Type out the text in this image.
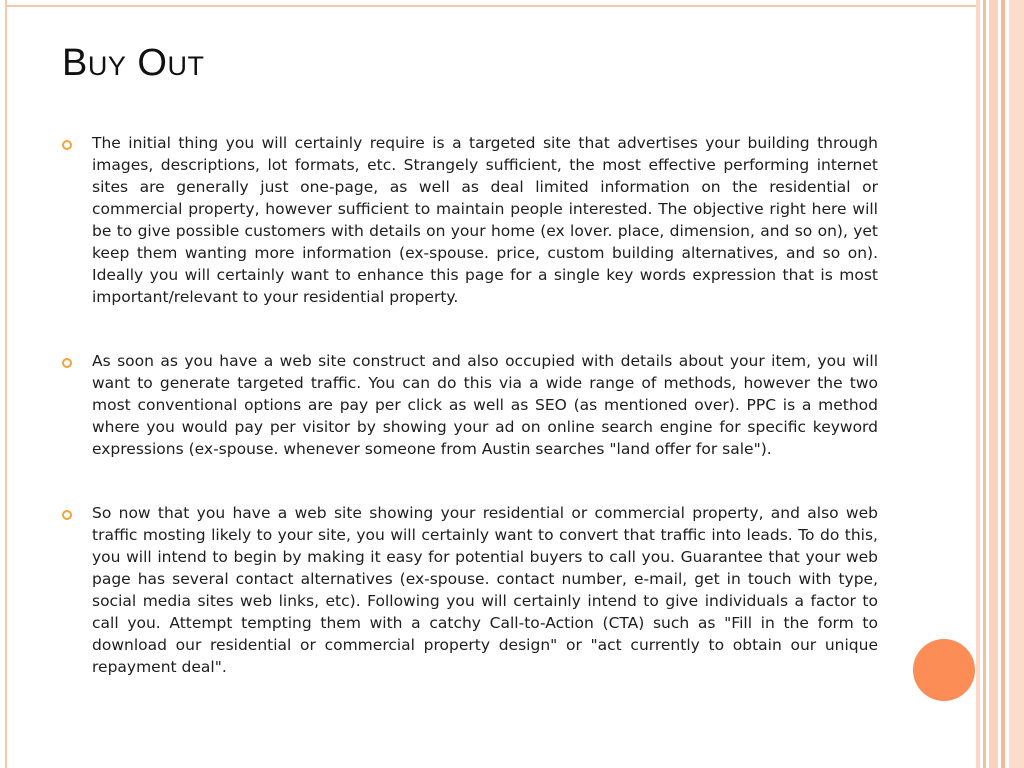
Buy Out

The initial thing you will certainly require is a targeted site that advertises your building through images, descriptions, lot formats, etc. Strangely sufficient, the most effective performing internet sites are generally just one-page, as well as deal limited information on the residential or commercial property, however sufficient to maintain people interested. The objective right here will be to give possible customers with details on your home (ex lover. place, dimension, and so on), yet keep them wanting more information (ex-spouse. price, custom building alternatives, and so on). Ideally you will certainly want to enhance this page for a single key words expression that is most important/relevant to your residential property.

As soon as you have a web site construct and also occupied with details about your item, you will want to generate targeted traffic. You can do this via a wide range of methods, however the two most conventional options are pay per click as well as SEO (as mentioned over). PPC is a method where you would pay per visitor by showing your ad on online search engine for specific keyword expressions (ex-spouse. whenever someone from Austin searches "land offer for sale").

So now that you have a web site showing your residential or commercial property, and also web traffic mosting likely to your site, you will certainly want to convert that traffic into leads. To do this, you will intend to begin by making it easy for potential buyers to call you. Guarantee that your web page has several contact alternatives (ex-spouse. contact number, e-mail, get in touch with type, social media sites web links, etc). Following you will certainly intend to give individuals a factor to call you. Attempt tempting them with a catchy Call-to-Action (CTA) such as "Fill in the form to download our residential or commercial property design" or "act currently to obtain our unique repayment deal".
